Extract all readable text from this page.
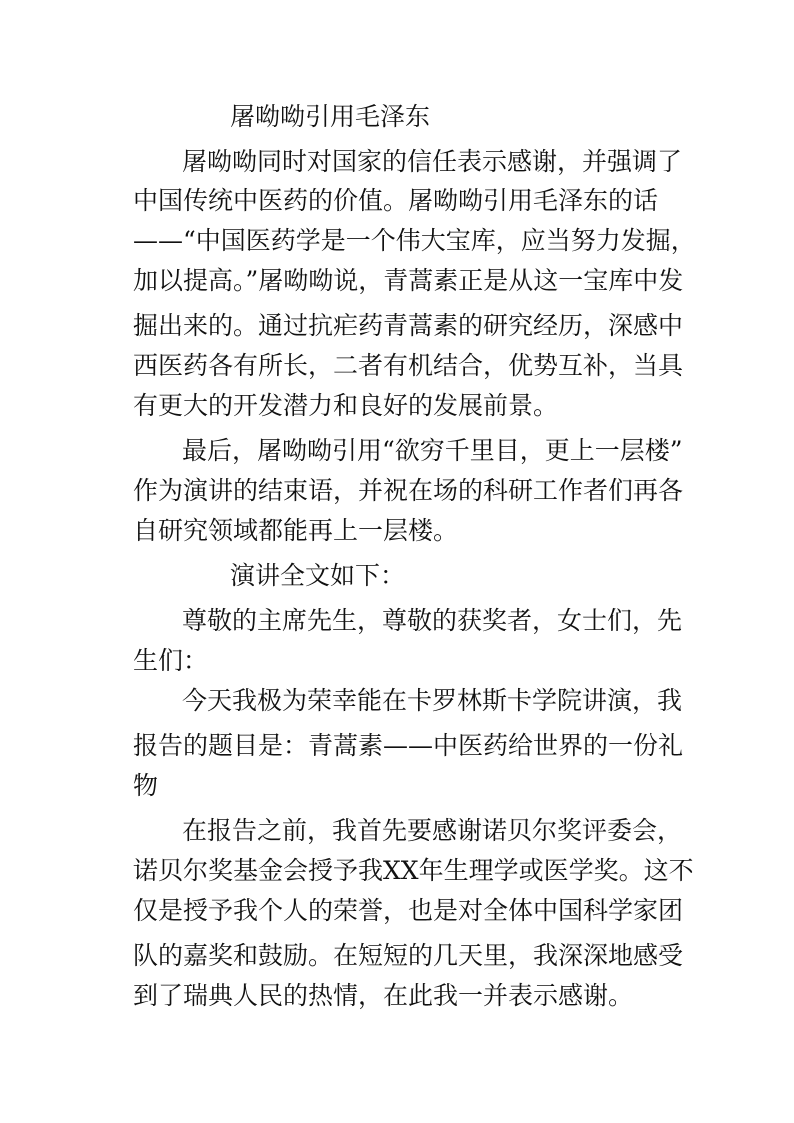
屠呦呦引用毛泽东
屠呦呦同时对国家的信任表示感谢，并强调了
中国传统中医药的价值。屠呦呦引用毛泽东的话
——“中国医药学是一个伟大宝库，应当努力发掘，
加以提高。”屠呦呦说，青蒿素正是从这一宝库中发
掘出来的。通过抗疟药青蒿素的研究经历，深感中
西医药各有所长，二者有机结合，优势互补，当具
有更大的开发潜力和良好的发展前景。
最后，屠呦呦引用“欲穷千里目，更上一层楼”
作为演讲的结束语，并祝在场的科研工作者们再各
自研究领域都能再上一层楼。
演讲全文如下：
尊敬的主席先生，尊敬的获奖者，女士们，先
生们：
今天我极为荣幸能在卡罗林斯卡学院讲演，我
报告的题目是：青蒿素——中医药给世界的一份礼
物
在报告之前，我首先要感谢诺贝尔奖评委会，
诺贝尔奖基金会授予我XX年生理学或医学奖。这不
仅是授予我个人的荣誉，也是对全体中国科学家团
队的嘉奖和鼓励。在短短的几天里，我深深地感受
到了瑞典人民的热情，在此我一并表示感谢。
